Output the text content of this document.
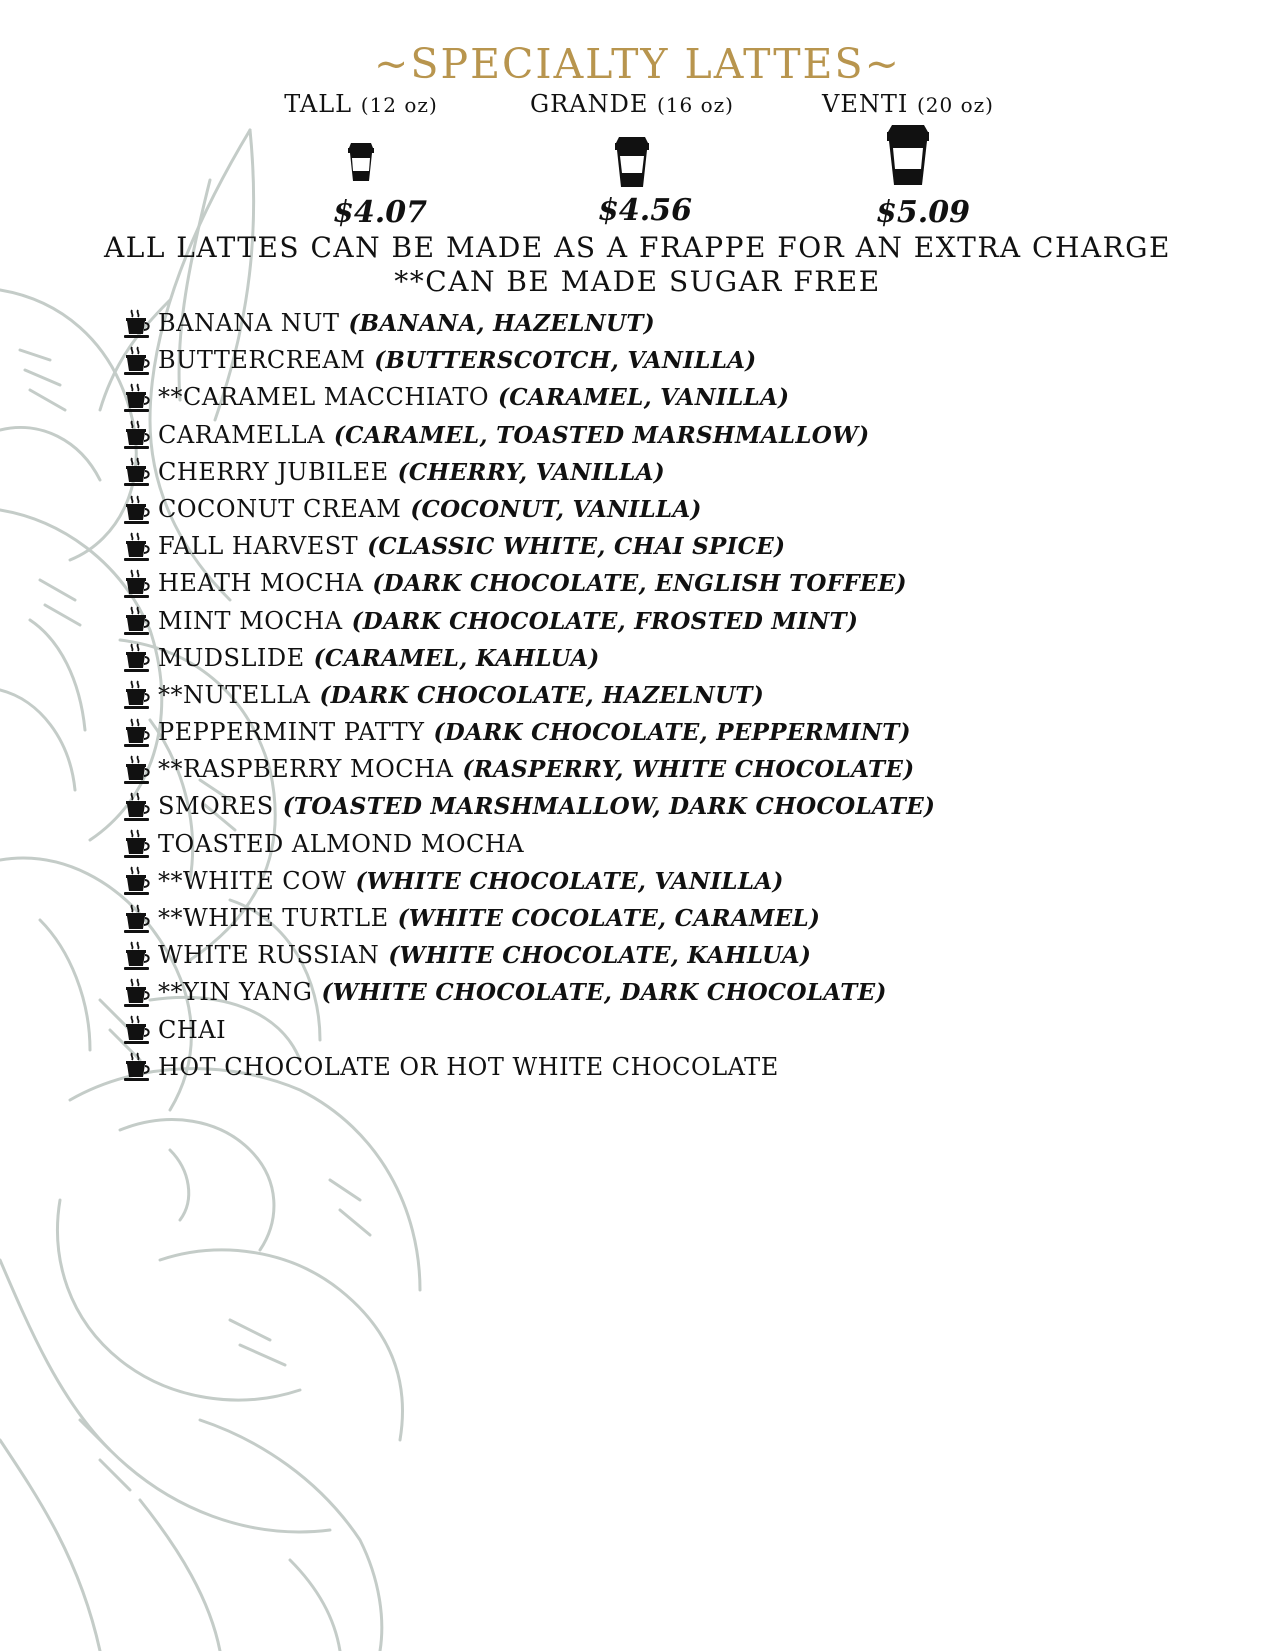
~SPECIALTY LATTES~
TALL (12 oz)	GRANDE (16 oz)	VENTI (20 oz)
$4.07	$4.56	$5.09
ALL LATTES CAN BE MADE AS A FRAPPE FOR AN EXTRA CHARGE
**CAN BE MADE SUGAR FREE
BANANA NUT (BANANA, HAZELNUT)
BUTTERCREAM (BUTTERSCOTCH, VANILLA)
**CARAMEL MACCHIATO (CARAMEL, VANILLA)
CARAMELLA (CARAMEL, TOASTED MARSHMALLOW)
CHERRY JUBILEE (CHERRY, VANILLA)
COCONUT CREAM (COCONUT, VANILLA)
FALL HARVEST (CLASSIC WHITE, CHAI SPICE)
HEATH MOCHA (DARK CHOCOLATE, ENGLISH TOFFEE)
MINT MOCHA (DARK CHOCOLATE, FROSTED MINT)
MUDSLIDE (CARAMEL, KAHLUA)
**NUTELLA (DARK CHOCOLATE, HAZELNUT)
PEPPERMINT PATTY (DARK CHOCOLATE, PEPPERMINT)
**RASPBERRY MOCHA (RASPERRY, WHITE CHOCOLATE)
SMORES (TOASTED MARSHMALLOW, DARK CHOCOLATE)
TOASTED ALMOND MOCHA
**WHITE COW (WHITE CHOCOLATE, VANILLA)
**WHITE TURTLE (WHITE COCOLATE, CARAMEL)
WHITE RUSSIAN (WHITE CHOCOLATE, KAHLUA)
**YIN YANG (WHITE CHOCOLATE, DARK CHOCOLATE)
CHAI
HOT CHOCOLATE OR HOT WHITE CHOCOLATE
